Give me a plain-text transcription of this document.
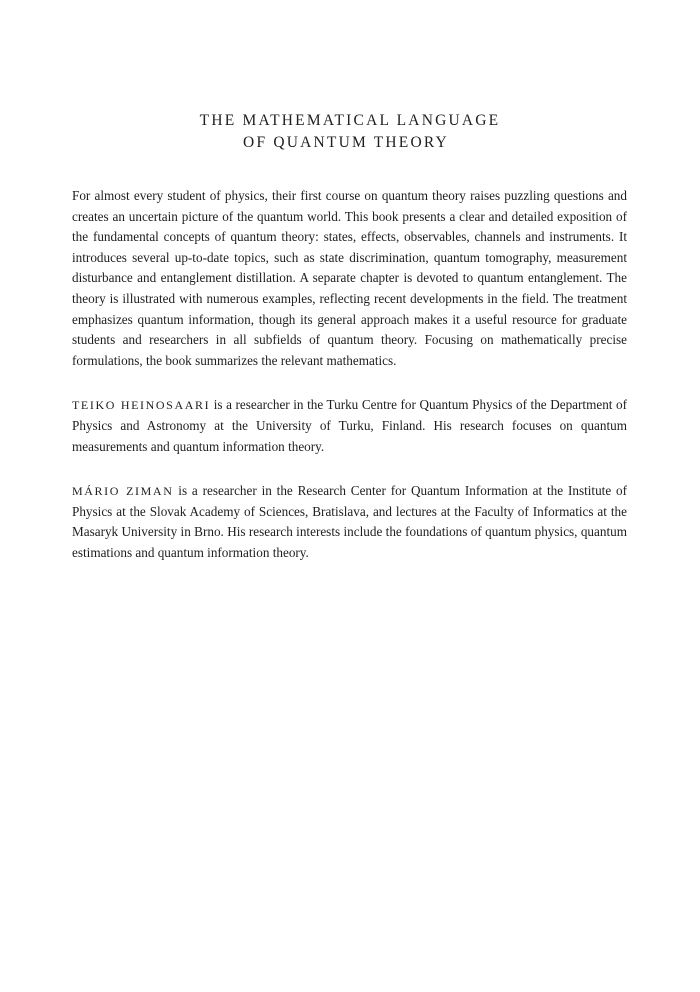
THE MATHEMATICAL LANGUAGE
OF QUANTUM THEORY

For almost every student of physics, their first course on quantum theory raises puzzling questions and creates an uncertain picture of the quantum world. This book presents a clear and detailed exposition of the fundamental concepts of quantum theory: states, effects, observables, channels and instruments. It introduces several up-to-date topics, such as state discrimination, quantum tomography, measurement disturbance and entanglement distillation. A separate chapter is devoted to quantum entanglement. The theory is illustrated with numerous examples, reflecting recent developments in the field. The treatment emphasizes quantum information, though its general approach makes it a useful resource for graduate students and researchers in all subfields of quantum theory. Focusing on mathematically precise formulations, the book summarizes the relevant mathematics.

TEIKO HEINOSAARI is a researcher in the Turku Centre for Quantum Physics of the Department of Physics and Astronomy at the University of Turku, Finland. His research focuses on quantum measurements and quantum information theory.

MÁRIO ZIMAN is a researcher in the Research Center for Quantum Information at the Institute of Physics at the Slovak Academy of Sciences, Bratislava, and lectures at the Faculty of Informatics at the Masaryk University in Brno. His research interests include the foundations of quantum physics, quantum estimations and quantum information theory.
